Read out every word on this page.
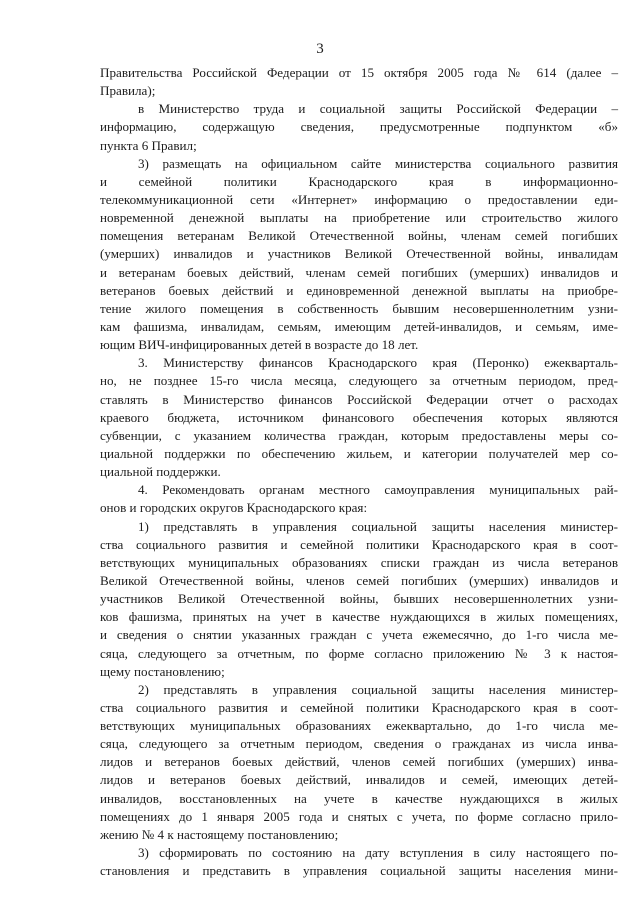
3
Правительства Российской Федерации от 15 октября 2005 года № 614 (далее –
Правила);
в Министерство труда и социальной защиты Российской Федерации –
информацию, содержащую сведения, предусмотренные подпунктом «б»
пункта 6 Правил;
3) размещать на официальном сайте министерства социального развития
и семейной политики Краснодарского края в информационно-
телекоммуникационной сети «Интернет» информацию о предоставлении еди-
новременной денежной выплаты на приобретение или строительство жилого
помещения ветеранам Великой Отечественной войны, членам семей погибших
(умерших) инвалидов и участников Великой Отечественной войны, инвалидам
и ветеранам боевых действий, членам семей погибших (умерших) инвалидов и
ветеранов боевых действий и единовременной денежной выплаты на приобре-
тение жилого помещения в собственность бывшим несовершеннолетним узни-
кам фашизма, инвалидам, семьям, имеющим детей-инвалидов, и семьям, име-
ющим ВИЧ-инфицированных детей в возрасте до 18 лет.
3. Министерству финансов Краснодарского края (Перонко) ежекварталь-
но, не позднее 15-го числа месяца, следующего за отчетным периодом, пред-
ставлять в Министерство финансов Российской Федерации отчет о расходах
краевого бюджета, источником финансового обеспечения которых являются
субвенции, с указанием количества граждан, которым предоставлены меры со-
циальной поддержки по обеспечению жильем, и категории получателей мер со-
циальной поддержки.
4. Рекомендовать органам местного самоуправления муниципальных рай-
онов и городских округов Краснодарского края:
1) представлять в управления социальной защиты населения министер-
ства социального развития и семейной политики Краснодарского края в соот-
ветствующих муниципальных образованиях списки граждан из числа ветеранов
Великой Отечественной войны, членов семей погибших (умерших) инвалидов и
участников Великой Отечественной войны, бывших несовершеннолетних узни-
ков фашизма, принятых на учет в качестве нуждающихся в жилых помещениях,
и сведения о снятии указанных граждан с учета ежемесячно, до 1-го числа ме-
сяца, следующего за отчетным, по форме согласно приложению № 3 к настоя-
щему постановлению;
2) представлять в управления социальной защиты населения министер-
ства социального развития и семейной политики Краснодарского края в соот-
ветствующих муниципальных образованиях ежеквартально, до 1-го числа ме-
сяца, следующего за отчетным периодом, сведения о гражданах из числа инва-
лидов и ветеранов боевых действий, членов семей погибших (умерших) инва-
лидов и ветеранов боевых действий, инвалидов и семей, имеющих детей-
инвалидов, восстановленных на учете в качестве нуждающихся в жилых
помещениях до 1 января 2005 года и снятых с учета, по форме согласно прило-
жению № 4 к настоящему постановлению;
3) сформировать по состоянию на дату вступления в силу настоящего по-
становления и представить в управления социальной защиты населения мини-
